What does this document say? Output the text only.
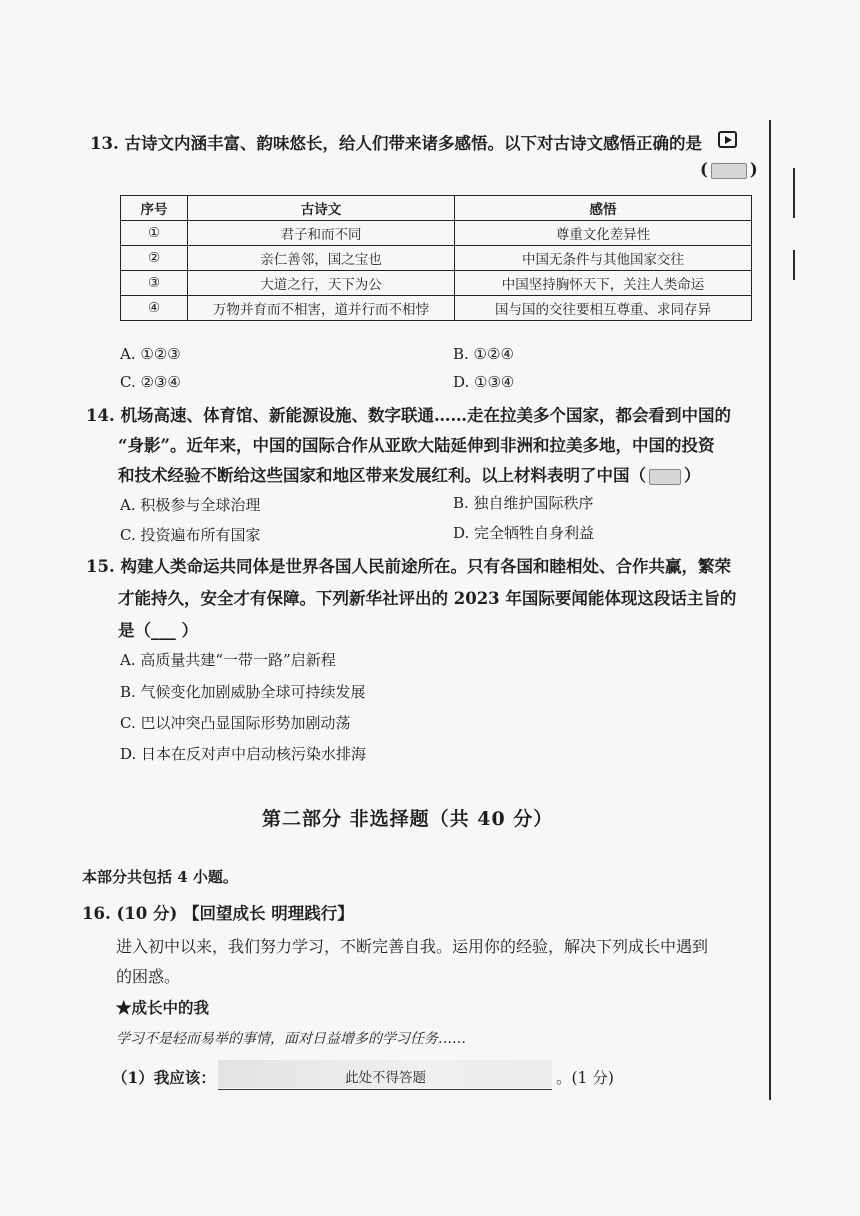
13. 古诗文内涵丰富、韵味悠长，给人们带来诸多感悟。以下对古诗文感悟正确的是
(	)
序号	古诗文	感悟
①	君子和而不同	尊重文化差异性
②	亲仁善邻，国之宝也	中国无条件与其他国家交往
③	大道之行，天下为公	中国坚持胸怀天下，关注人类命运
④	万物并育而不相害，道并行而不相悖	国与国的交往要相互尊重、求同存异
A. ①②③	B. ①②④
C. ②③④	D. ①③④
14. 机场高速、体育馆、新能源设施、数字联通……走在拉美多个国家，都会看到中国的
“身影”。近年来，中国的国际合作从亚欧大陆延伸到非洲和拉美多地，中国的投资
和技术经验不断给这些国家和地区带来发展红利。以上材料表明了中国（ ）
A. 积极参与全球治理	B. 独自维护国际秩序
C. 投资遍布所有国家	D. 完全牺牲自身利益
15. 构建人类命运共同体是世界各国人民前途所在。只有各国和睦相处、合作共赢，繁荣
才能持久，安全才有保障。下列新华社评出的 2023 年国际要闻能体现这段话主旨的
是（___ ）
A. 高质量共建“一带一路”启新程
B. 气候变化加剧威胁全球可持续发展
C. 巴以冲突凸显国际形势加剧动荡
D. 日本在反对声中启动核污染水排海
第二部分 非选择题（共 40 分）
本部分共包括 4 小题。
16. (10 分) 【回望成长 明理践行】
进入初中以来，我们努力学习，不断完善自我。运用你的经验，解决下列成长中遇到
的困惑。
★成长中的我
学习不是轻而易举的事情，面对日益增多的学习任务……
（1）我应该：	此处不得答题	。(1 分)
